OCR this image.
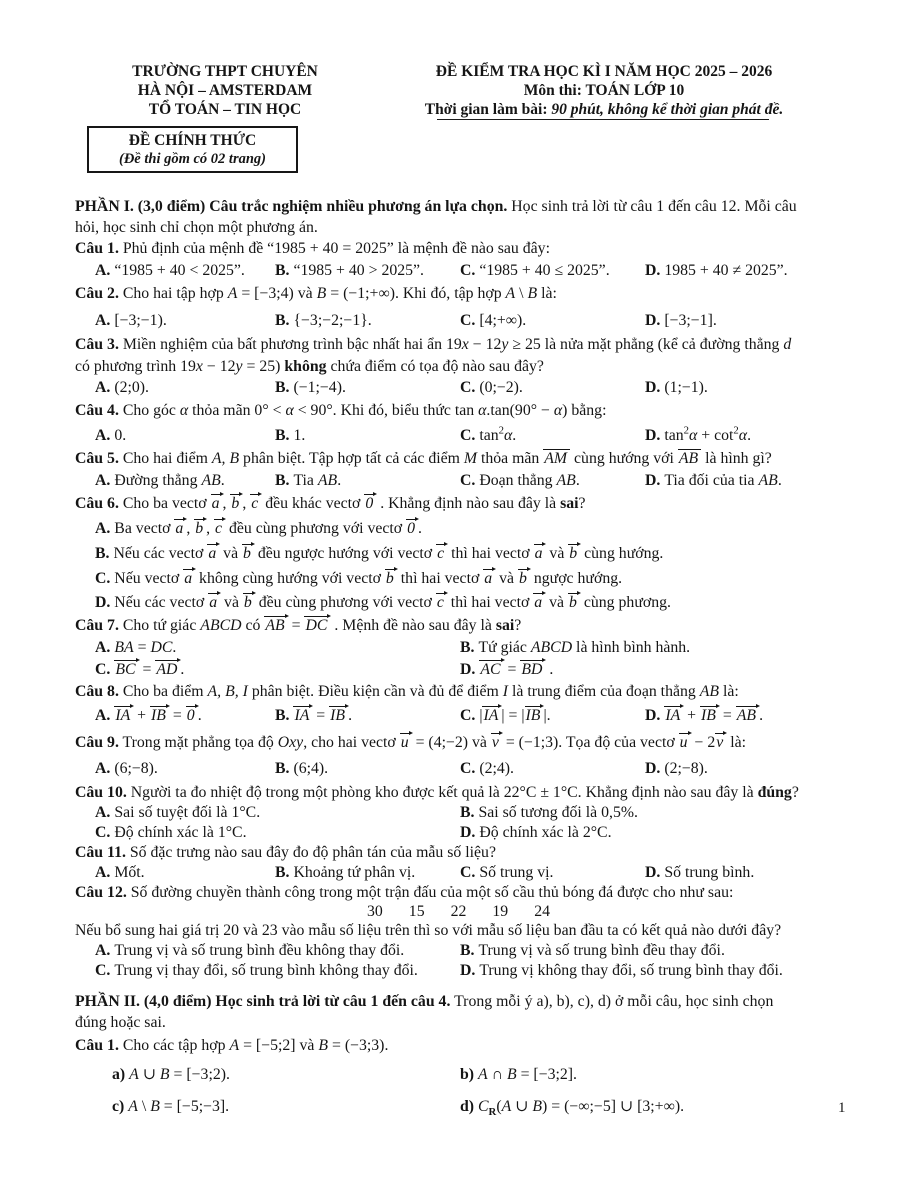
TRƯỜNG THPT CHUYÊN
HÀ NỘI – AMSTERDAM
TỔ TOÁN – TIN HỌC
ĐỀ CHÍNH THỨC
(Đề thi gồm có 02 trang)
ĐỀ KIỂM TRA HỌC KÌ I NĂM HỌC 2025 – 2026
Môn thi: TOÁN LỚP 10
Thời gian làm bài: 90 phút, không kể thời gian phát đề.
PHẦN I. (3,0 điểm) Câu trắc nghiệm nhiều phương án lựa chọn. Học sinh trả lời từ câu 1 đến câu 12. Mỗi câu
hỏi, học sinh chỉ chọn một phương án.
Câu 1. Phủ định của mệnh đề “1985 + 40 = 2025” là mệnh đề nào sau đây:
A. “1985 + 40 < 2025”.	B. “1985 + 40 > 2025”.	C. “1985 + 40 ≤ 2025”.	D. 1985 + 40 ≠ 2025”.
Câu 2. Cho hai tập hợp A = [−3;4) và B = (−1;+∞). Khi đó, tập hợp A \ B là:
A. [−3;−1).	B. {−3;−2;−1}.	C. [4;+∞).	D. [−3;−1].
Câu 3. Miền nghiệm của bất phương trình bậc nhất hai ẩn 19x − 12y ≥ 25 là nửa mặt phẳng (kể cả đường thẳng d
có phương trình 19x − 12y = 25) không chứa điểm có tọa độ nào sau đây?
A. (2;0).	B. (−1;−4).	C. (0;−2).	D. (1;−1).
Câu 4. Cho góc α thỏa mãn 0° < α < 90°. Khi đó, biểu thức tan α.tan(90° − α) bằng:
A. 0.	B. 1.	C. $\tan^2\alpha$.	D. $\tan^2\alpha + \cot^2\alpha$.
Câu 5. Cho hai điểm A, B phân biệt. Tập hợp tất cả các điểm M thỏa mãn AM cùng hướng với AB là hình gì?
A. Đường thẳng AB.	B. Tia AB.	C. Đoạn thẳng AB.	D. Tia đối của tia AB.
Câu 6. Cho ba vectơ a , b , c đều khác vectơ 0 . Khẳng định nào sau đây là sai?
A. Ba vectơ a , b , c đều cùng phương với vectơ 0 .
B. Nếu các vectơ a và b đều ngược hướng với vectơ c thì hai vectơ a và b cùng hướng.
C. Nếu vectơ a không cùng hướng với vectơ b thì hai vectơ a và b ngược hướng.
D. Nếu các vectơ a và b đều cùng phương với vectơ c thì hai vectơ a và b cùng phương.
Câu 7. Cho tứ giác ABCD có AB = DC . Mệnh đề nào sau đây là sai?
A. BA = DC.	B. Tứ giác ABCD là hình bình hành.
C. BC = AD .	D. AC = BD .
Câu 8. Cho ba điểm A, B, I phân biệt. Điều kiện cần và đủ để điểm I là trung điểm của đoạn thẳng AB là:
A. IA + IB = 0 .	B. IA = IB .	C. |IA | = |IB |.	D. IA + IB = AB .
Câu 9. Trong mặt phẳng tọa độ Oxy, cho hai vectơ u = (4;−2) và v = (−1;3). Tọa độ của vectơ u − 2v là:
A. (6;−8).	B. (6;4).	C. (2;4).	D. (2;−8).
Câu 10. Người ta đo nhiệt độ trong một phòng kho được kết quả là 22°C ± 1°C. Khẳng định nào sau đây là đúng?
A. Sai số tuyệt đối là 1°C.	B. Sai số tương đối là 0,5%.
C. Độ chính xác là 1°C.	D. Độ chính xác là 2°C.
Câu 11. Số đặc trưng nào sau đây đo độ phân tán của mẫu số liệu?
A. Mốt.	B. Khoảng tứ phân vị.	C. Số trung vị.	D. Số trung bình.
Câu 12. Số đường chuyền thành công trong một trận đấu của một số cầu thủ bóng đá được cho như sau:
30 15 22 19 24
Nếu bổ sung hai giá trị 20 và 23 vào mẫu số liệu trên thì so với mẫu số liệu ban đầu ta có kết quả nào dưới đây?
A. Trung vị và số trung bình đều không thay đổi.	B. Trung vị và số trung bình đều thay đổi.
C. Trung vị thay đổi, số trung bình không thay đổi.	D. Trung vị không thay đổi, số trung bình thay đổi.
PHẦN II. (4,0 điểm) Học sinh trả lời từ câu 1 đến câu 4. Trong mỗi ý a), b), c), d) ở mỗi câu, học sinh chọn
đúng hoặc sai.
Câu 1. Cho các tập hợp A = [−5;2] và B = (−3;3).
a) A ∪ B = [−3;2).	b) A ∩ B = [−3;2].
c) A \ B = [−5;−3].	d) $C_R(A$ ∪ B) = (−∞;−5] ∪ [3;+∞).	1
